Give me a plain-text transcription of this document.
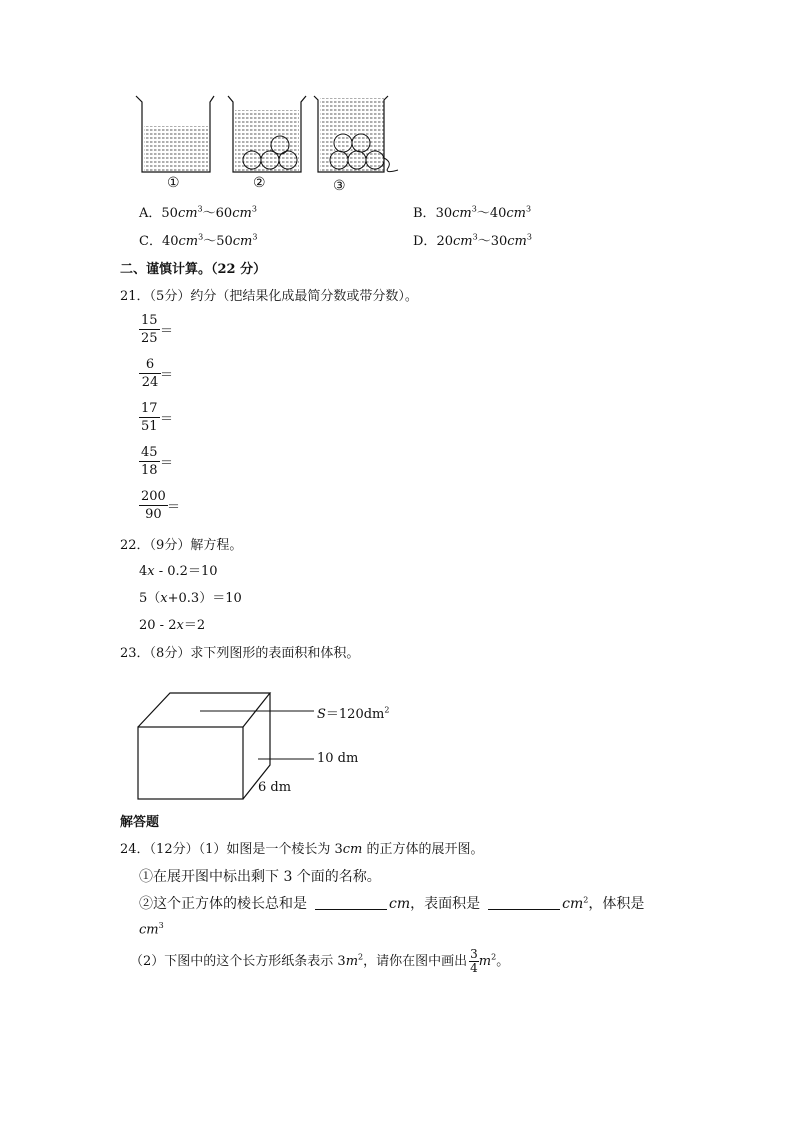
①	②	③
A．$50cm^3\sim 60cm^3$	B．$30cm^3\sim 40cm^3$
C．$40cm^3\sim 50cm^3$	D．$20cm^3\sim 30cm^3$
二、谨慎计算。（22 分）
21．（5分）约分（把结果化成最简分数或带分数）。
$\frac{15}{25}$ ＝
$\frac{6}{24}$ ＝
$\frac{17}{51}$ ＝
$\frac{45}{18}$ ＝
$\frac{200}{90}$ ＝
22．（9分）解方程。
4x - 0.2＝10
5（x+0.3）＝10
20 - 2x＝2
23．（8分）求下列图形的表面积和体积。
$S=120dm^2$
10 dm
6 dm
解答题
24．（12分）（1）如图是一个棱长为 3cm 的正方体的展开图。
①在展开图中标出剩下 3 个面的名称。
②这个正方体的棱长总和是	cm，表面积是	$cm^2$，体积是
$cm^3$
（2）下图中的这个长方形纸条表示 $3m^2$，请你在图中画出 $\frac{3}{4} m^2$。
